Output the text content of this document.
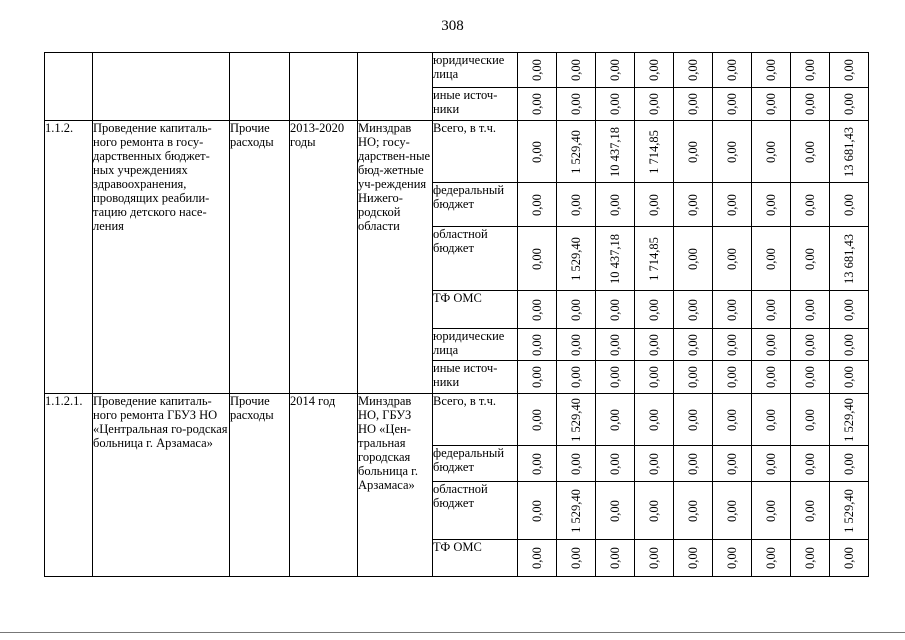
308
					юридические лица	0,00	0,00	0,00	0,00	0,00	0,00	0,00	0,00	0,00

					иные источ-ники	0,00	0,00	0,00	0,00	0,00	0,00	0,00	0,00	0,00

1.1.2.	Проведение капиталь-ного ремонта в госу-дарственных бюджет-ных учреждениях здравоохранения, проводящих реабили-тацию детского насе-ления	Прочие расходы	2013-2020 годы	Минздрав НО; госу-дарствен-ные бюд-жетные уч-реждения Нижего-родской области	Всего, в т.ч.	0,00	1 529,40	10 437,18	1 714,85	0,00	0,00	0,00	0,00	13 681,43

					федеральный бюджет	0,00	0,00	0,00	0,00	0,00	0,00	0,00	0,00	0,00

					областной бюджет	0,00	1 529,40	10 437,18	1 714,85	0,00	0,00	0,00	0,00	13 681,43

					ТФ ОМС	0,00	0,00	0,00	0,00	0,00	0,00	0,00	0,00	0,00

					юридические лица	0,00	0,00	0,00	0,00	0,00	0,00	0,00	0,00	0,00

					иные источ-ники	0,00	0,00	0,00	0,00	0,00	0,00	0,00	0,00	0,00

1.1.2.1.	Проведение капиталь-ного ремонта ГБУЗ НО «Центральная го-родская больница г. Арзамаса»	Прочие расходы	2014 год	Минздрав НО, ГБУЗ НО «Цен-тральная городская больница г. Арзамаса»	Всего, в т.ч.	0,00	1 529,40	0,00	0,00	0,00	0,00	0,00	0,00	1 529,40

					федеральный бюджет	0,00	0,00	0,00	0,00	0,00	0,00	0,00	0,00	0,00

					областной бюджет	0,00	1 529,40	0,00	0,00	0,00	0,00	0,00	0,00	1 529,40

					ТФ ОМС	0,00	0,00	0,00	0,00	0,00	0,00	0,00	0,00	0,00
